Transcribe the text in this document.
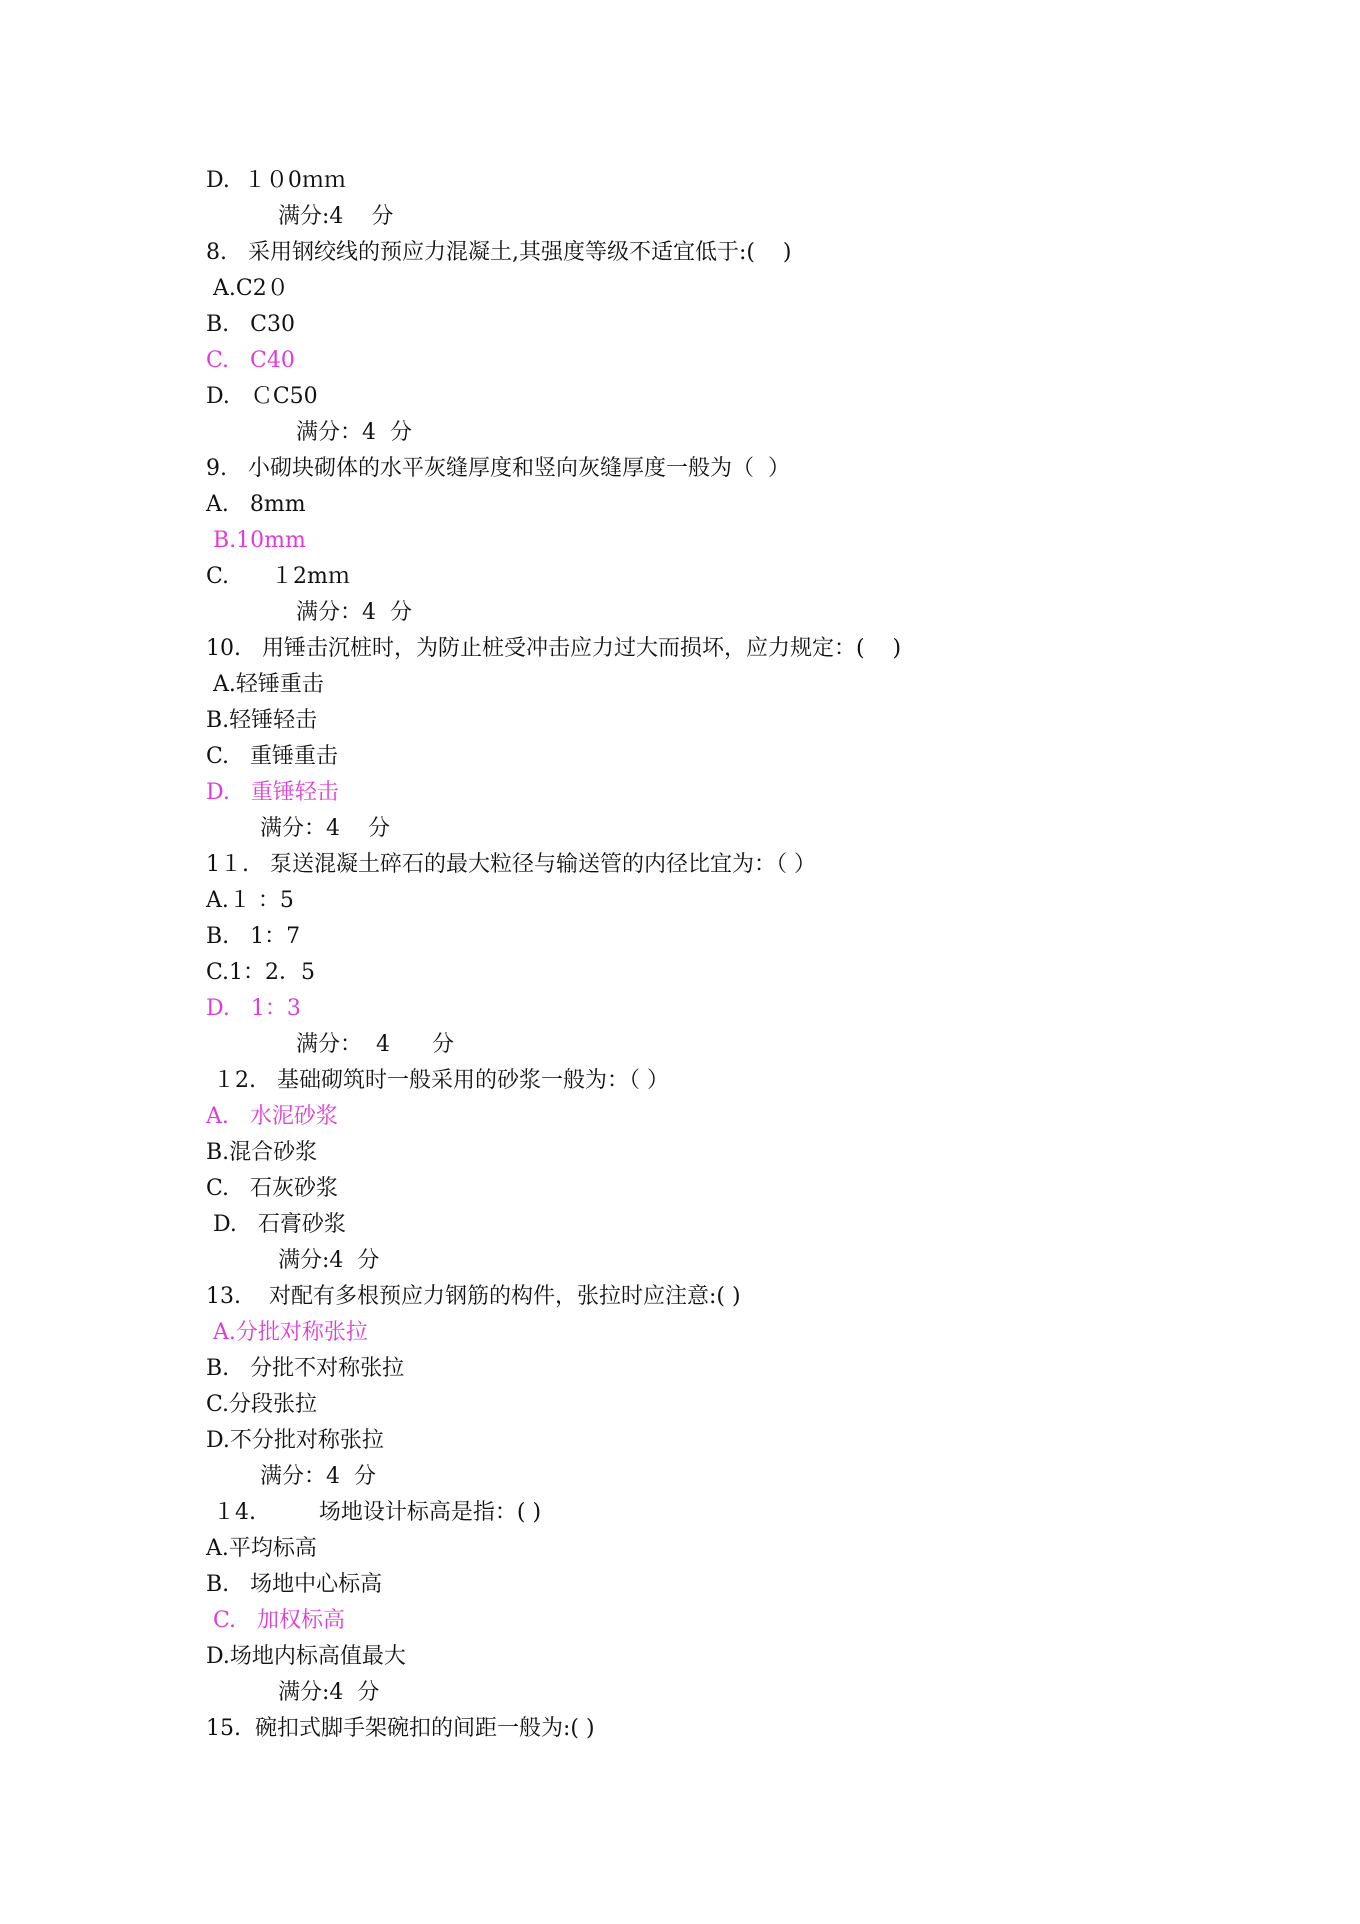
D.  １０0ｍｍ
满分:4    分
8.   采用钢绞线的预应力混凝土,其强度等级不适宜低于:(    )
A.C2０
B.   C30
C.   C40
D.   ＣC50
满分：4  分
9.   小砌块砌体的水平灰缝厚度和竖向灰缝厚度一般为（  ）
A.   8mm
B.10mm
C.      １2mｍ
满分：4  分
10.   用锤击沉桩时，为防止桩受冲击应力过大而损坏，应力规定：(    )
A.轻锤重击
B.轻锤轻击
C.   重锤重击
D.   重锤轻击
满分：4    分
1１.   泵送混凝土碎石的最大粒径与输送管的内径比宜为：（ ）
A.１ ：5
B.   1：7
C.1：2．5
D.   1：3
满分：  4      分
１2.   基础砌筑时一般采用的砂浆一般为：（ ）
A.   水泥砂浆
B.混合砂浆
C.   石灰砂浆
D.   石膏砂浆
满分:4  分
13.    对配有多根预应力钢筋的构件，张拉时应注意:( )
A.分批对称张拉
B.   分批不对称张拉
C.分段张拉
D.不分批对称张拉
满分：4  分
１4.         场地设计标高是指：( )
A.平均标高
B.   场地中心标高
C.   加权标高
D.场地内标高值最大
满分:4  分
15.  碗扣式脚手架碗扣的间距一般为:( )
